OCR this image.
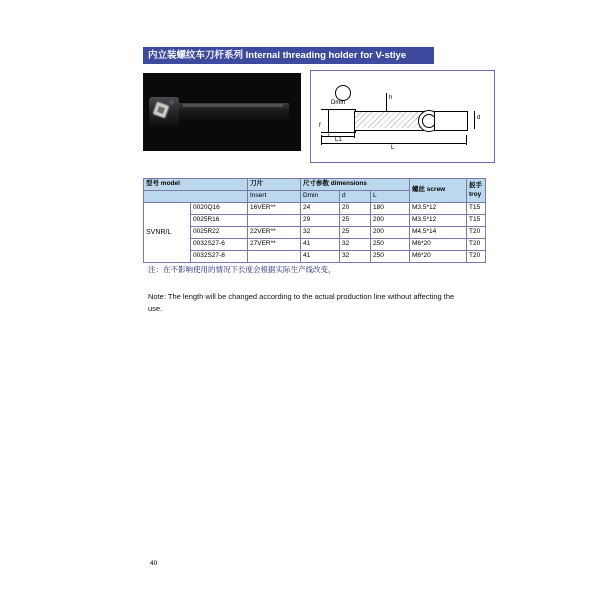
内立装螺纹车刀杆系列 Internal threading holder for V-stiye
Dmin
L
L1
f
T
h
d
型号 model		刀片	尺寸参数 dimensions			螺丝 screw	扳手 troy
		Insert	Dmin	d	L		
SVNR/L	0020Q16	16VER**	24	20	180	M3.5*12	T15
	0025R16		29	25	200	M3.5*12	T15
	0025R22	22VER**	32	25	200	M4.5*14	T20
	0032S27-6	27VER**	41	32	250	M6*20	T20
	0032S27-8		41	32	250	M6*20	T20
注：在不影响使用的情况下长度会根据实际生产线改变，
Note: The length will be changed according to the actual production line without affecting the use.
40
